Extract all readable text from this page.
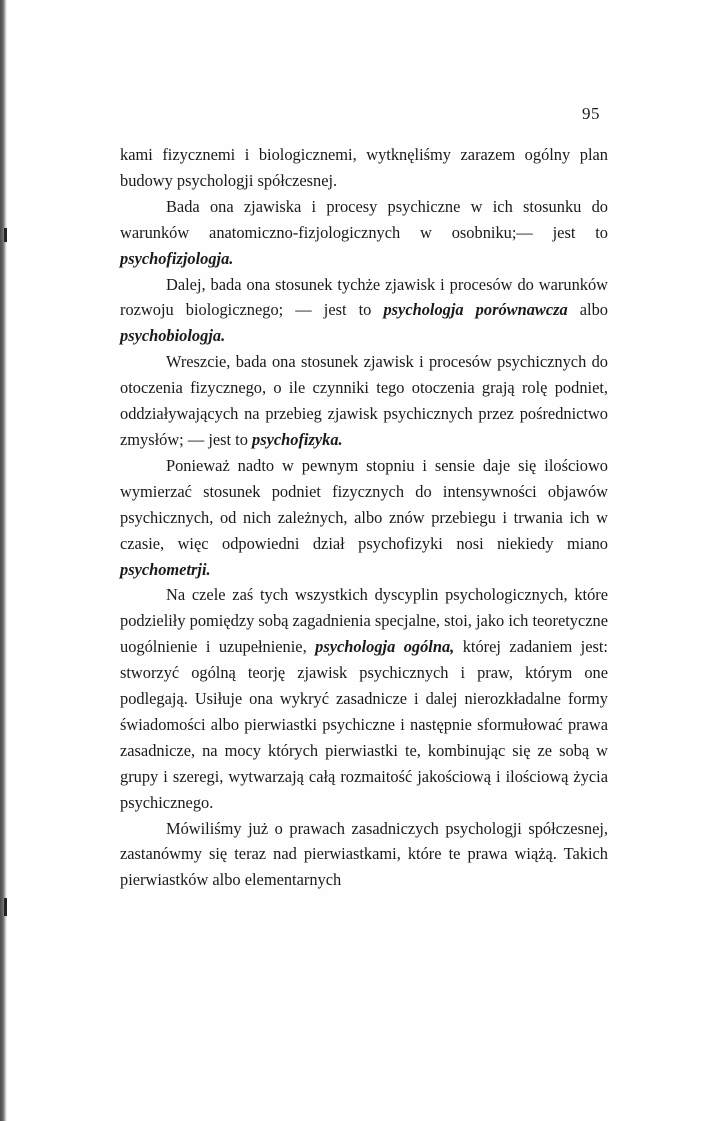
95

kami fizycznemi i biologicznemi, wytknęliśmy zarazem ogólny plan budowy psychologji spółczesnej.

Bada ona zjawiska i procesy psychiczne w ich stosunku do warunków anatomiczno-fizjologicznych w osobniku;— jest to psychofizjologja.

Dalej, bada ona stosunek tychże zjawisk i procesów do warunków rozwoju biologicznego; — jest to psychologja porównawcza albo psychobiologja.

Wreszcie, bada ona stosunek zjawisk i procesów psychicznych do otoczenia fizycznego, o ile czynniki tego otoczenia grają rolę podniet, oddziaływających na przebieg zjawisk psychicznych przez pośrednictwo zmysłów; — jest to psychofizyka.

Ponieważ nadto w pewnym stopniu i sensie daje się ilościowo wymierzać stosunek podniet fizycznych do intensywności objawów psychicznych, od nich zależnych, albo znów przebiegu i trwania ich w czasie, więc odpowiedni dział psychofizyki nosi niekiedy miano psychometrji.

Na czele zaś tych wszystkich dyscyplin psychologicznych, które podzieliły pomiędzy sobą zagadnienia specjalne, stoi, jako ich teoretyczne uogólnienie i uzupełnienie, psychologja ogólna, której zadaniem jest: stworzyć ogólną teorję zjawisk psychicznych i praw, którym one podlegają. Usiłuje ona wykryć zasadnicze i dalej nierozkładalne formy świadomości albo pierwiastki psychiczne i następnie sformułować prawa zasadnicze, na mocy których pierwiastki te, kombinując się ze sobą w grupy i szeregi, wytwarzają całą rozmaitość jakościową i ilościową życia psychicznego.

Mówiliśmy już o prawach zasadniczych psychologji spółczesnej, zastanówmy się teraz nad pierwiastkami, które te prawa wiążą. Takich pierwiastków albo elementarnych
